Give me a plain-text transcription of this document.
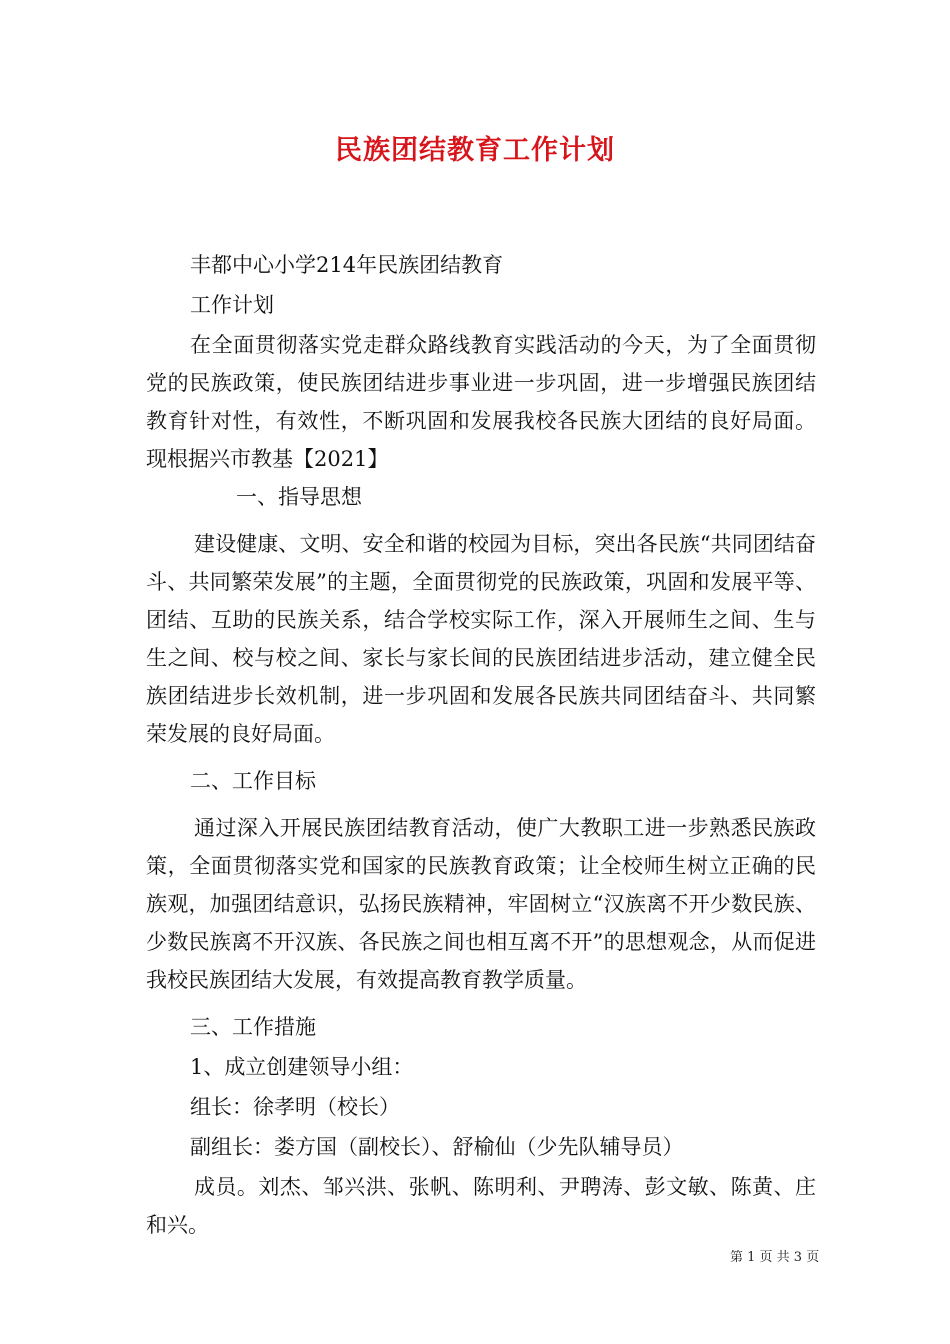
民族团结教育工作计划

丰都中心小学214年民族团结教育

工作计划

在全面贯彻落实党走群众路线教育实践活动的今天，为了全面贯彻党的民族政策，使民族团结进步事业进一步巩固，进一步增强民族团结教育针对性，有效性，不断巩固和发展我校各民族大团结的良好局面。现根据兴市教基【2021】

一、指导思想

建设健康、文明、安全和谐的校园为目标，突出各民族“共同团结奋斗、共同繁荣发展”的主题，全面贯彻党的民族政策，巩固和发展平等、团结、互助的民族关系，结合学校实际工作，深入开展师生之间、生与生之间、校与校之间、家长与家长间的民族团结进步活动，建立健全民族团结进步长效机制，进一步巩固和发展各民族共同团结奋斗、共同繁荣发展的良好局面。

二、工作目标

通过深入开展民族团结教育活动，使广大教职工进一步熟悉民族政策，全面贯彻落实党和国家的民族教育政策；让全校师生树立正确的民族观，加强团结意识，弘扬民族精神，牢固树立“汉族离不开少数民族、少数民族离不开汉族、各民族之间也相互离不开”的思想观念，从而促进我校民族团结大发展，有效提高教育教学质量。

三、工作措施

1、成立创建领导小组：

组长：徐孝明（校长）

副组长：娄方国（副校长）、舒榆仙（少先队辅导员）

成员。刘杰、邹兴洪、张帆、陈明利、尹聘涛、彭文敏、陈黄、庄和兴。

第 1 页 共 3 页
